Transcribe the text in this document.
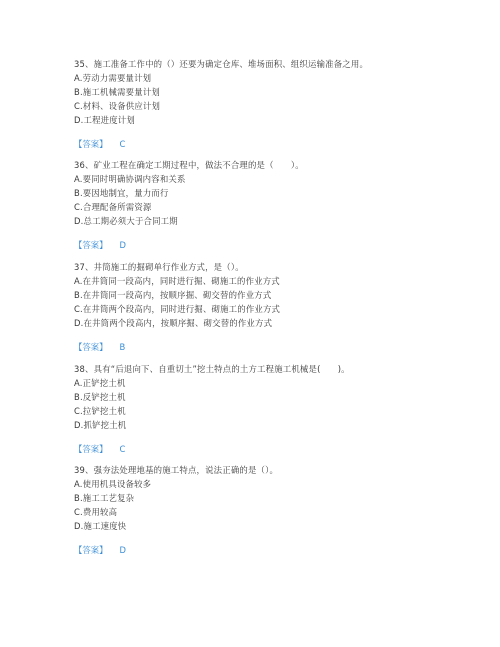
35、施工准备工作中的（）还要为确定仓库、堆场面积、组织运输准备之用。
A.劳动力需要量计划
B.施工机械需要量计划
C.材料、设备供应计划
D.工程进度计划
【答案】 C
36、矿业工程在确定工期过程中，做法不合理的是（　　）。
A.要同时明确协调内容和关系
B.要因地制宜，量力而行
C.合理配备所需资源
D.总工期必须大于合同工期
【答案】 D
37、井筒施工的掘砌单行作业方式，是（）。
A.在井筒同一段高内，同时进行掘、砌施工的作业方式
B.在井筒同一段高内，按顺序掘、砌交替的作业方式
C.在井筒两个段高内，同时进行掘、砌施工的作业方式
D.在井筒两个段高内，按顺序掘、砌交替的作业方式
【答案】 B
38、具有“后退向下、自重切土”挖土特点的土方工程施工机械是(　　)。
A.正铲挖土机
B.反铲挖土机
C.拉铲挖土机
D.抓铲挖土机
【答案】 C
39、强夯法处理地基的施工特点，说法正确的是（）。
A.使用机具设备较多
B.施工工艺复杂
C.费用较高
D.施工速度快
【答案】 D
